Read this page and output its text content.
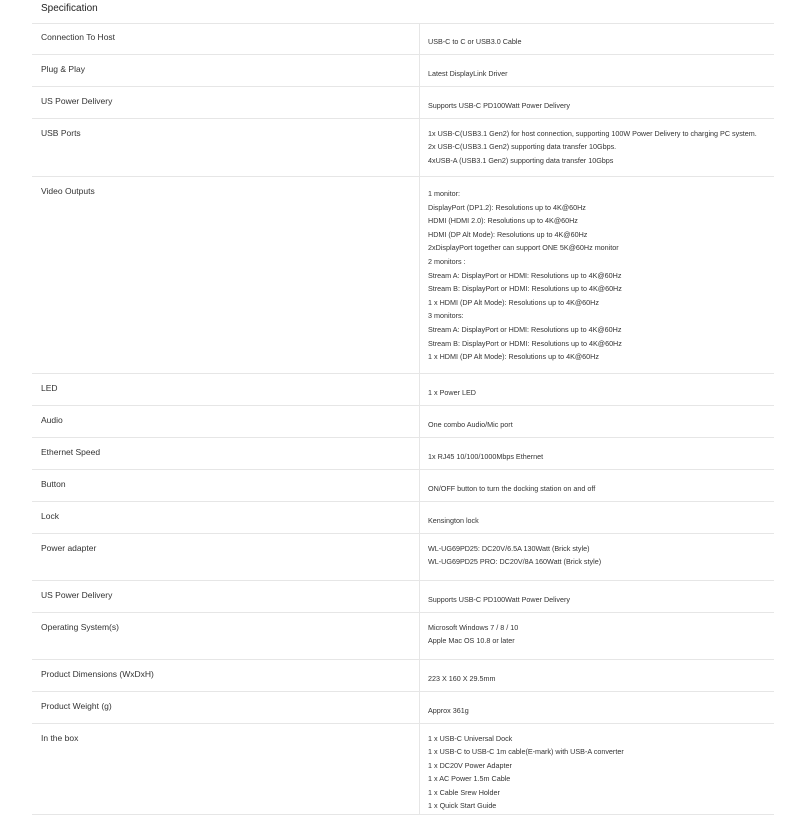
Specification
Connection To Host	USB-C to C or USB3.0 Cable
Plug & Play	Latest DisplayLink Driver
US Power Delivery	Supports USB-C PD100Watt Power Delivery
USB Ports	1x USB-C(USB3.1 Gen2) for host connection, supporting 100W Power Delivery to charging PC system.
2x USB-C(USB3.1 Gen2) supporting data transfer 10Gbps.
4xUSB-A (USB3.1 Gen2) supporting data transfer 10Gbps
Video Outputs	1 monitor:
DisplayPort (DP1.2): Resolutions up to 4K@60Hz
HDMI (HDMI 2.0): Resolutions up to 4K@60Hz
HDMI (DP Alt Mode): Resolutions up to 4K@60Hz
2xDisplayPort together can support ONE 5K@60Hz monitor
2 monitors :
Stream A: DisplayPort or HDMI: Resolutions up to 4K@60Hz
Stream B: DisplayPort or HDMI: Resolutions up to 4K@60Hz
1 x HDMI (DP Alt Mode): Resolutions up to 4K@60Hz
3 monitors:
Stream A: DisplayPort or HDMI: Resolutions up to 4K@60Hz
Stream B: DisplayPort or HDMI: Resolutions up to 4K@60Hz
1 x HDMI (DP Alt Mode): Resolutions up to 4K@60Hz
LED	1 x Power LED
Audio	One combo Audio/Mic port
Ethernet Speed	1x RJ45 10/100/1000Mbps Ethernet
Button	ON/OFF button to turn the docking station on and off
Lock	Kensington lock
Power adapter	WL-UG69PD25: DC20V/6.5A 130Watt (Brick style)
WL-UG69PD25 PRO: DC20V/8A 160Watt (Brick style)
US Power Delivery	Supports USB-C PD100Watt Power Delivery
Operating System(s)	Microsoft Windows 7 / 8 / 10
Apple Mac OS 10.8 or later
Product Dimensions (WxDxH)	223 X 160 X 29.5mm
Product Weight (g)	Approx 361g
In the box	1 x USB-C Universal Dock
1 x USB-C to USB-C 1m cable(E-mark) with USB-A converter
1 x DC20V Power Adapter
1 x AC Power 1.5m Cable
1 x Cable Srew Holder
1 x Quick Start Guide
